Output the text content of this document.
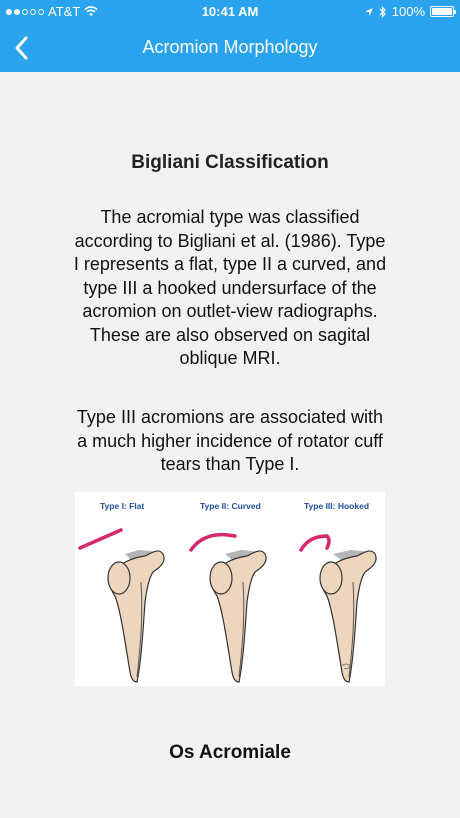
AT&T	10:41 AM	100%
Acromion Morphology
Bigliani Classification

The acromial type was classified according to Bigliani et al. (1986). Type I represents a flat, type II a curved, and type III a hooked undersurface of the acromion on outlet-view radiographs. These are also observed on sagital oblique MRI.

Type III acromions are associated with a much higher incidence of rotator cuff tears than Type I.

Type I: Flat	Type II: Curved	Type III: Hooked
Os Acromiale
